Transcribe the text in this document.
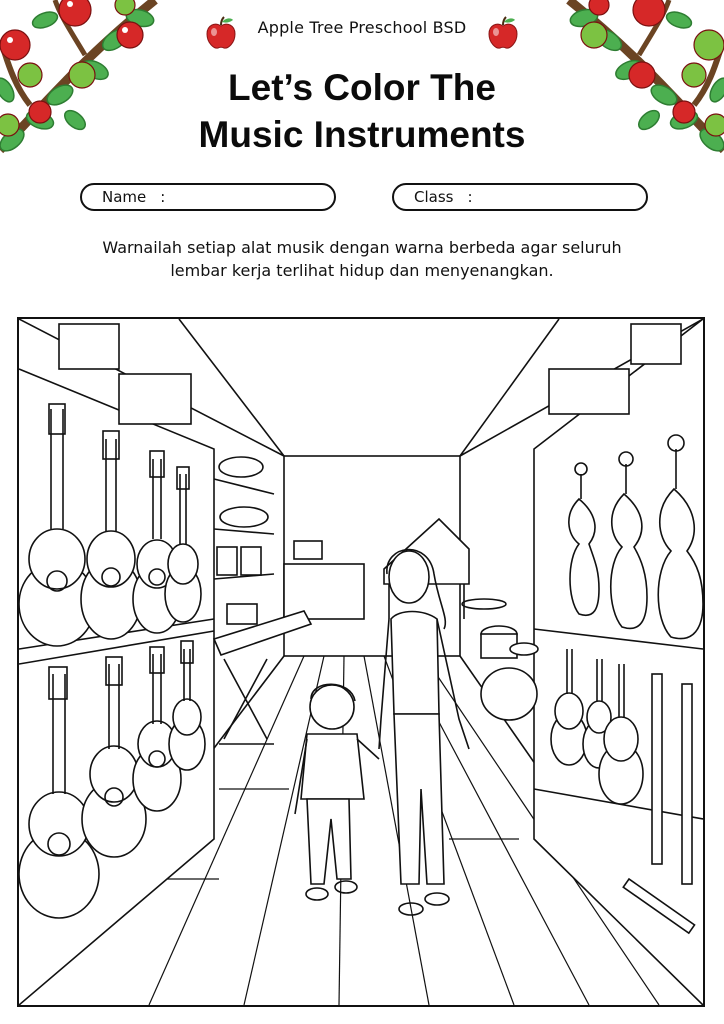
Apple Tree Preschool BSD
Let’s Color The
Music Instruments
Name :	Class :
Warnailah setiap alat musik dengan warna berbeda agar seluruh
lembar kerja terlihat hidup dan menyenangkan.
